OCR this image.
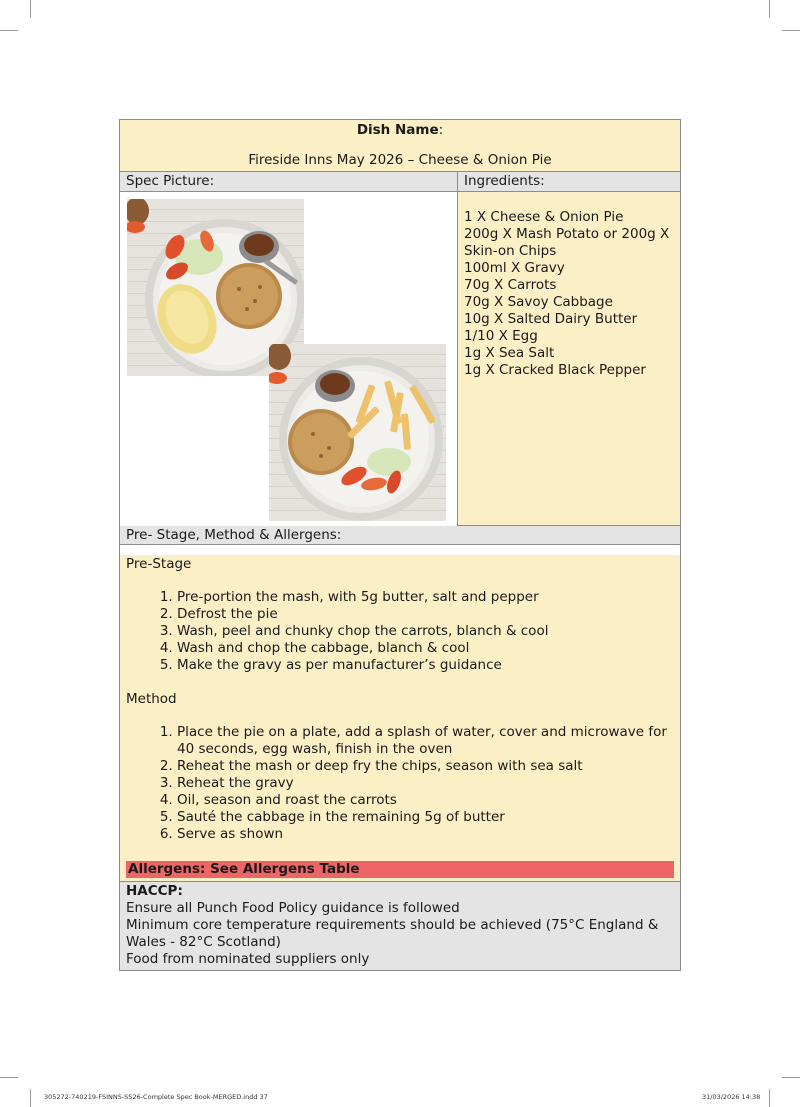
Dish Name:
Fireside Inns May 2026 – Cheese & Onion Pie
Spec Picture:	Ingredients:
1 X Cheese & Onion Pie
200g X Mash Potato or 200g X Skin-on Chips
100ml X Gravy
70g X Carrots
70g X Savoy Cabbage
10g X Salted Dairy Butter
1/10 X Egg
1g X Sea Salt
1g X Cracked Black Pepper
Pre- Stage, Method & Allergens:
Pre-Stage
1. Pre-portion the mash, with 5g butter, salt and pepper
2. Defrost the pie
3. Wash, peel and chunky chop the carrots, blanch & cool
4. Wash and chop the cabbage, blanch & cool
5. Make the gravy as per manufacturer’s guidance
Method
1. Place the pie on a plate, add a splash of water, cover and microwave for 40 seconds, egg wash, finish in the oven
2. Reheat the mash or deep fry the chips, season with sea salt
3. Reheat the gravy
4. Oil, season and roast the carrots
5. Sauté the cabbage in the remaining 5g of butter
6. Serve as shown
Allergens: See Allergens Table
HACCP:
Ensure all Punch Food Policy guidance is followed
Minimum core temperature requirements should be achieved (75°C England & Wales - 82°C Scotland)
Food from nominated suppliers only
305272-740219-FSINNS-SS26-Complete Spec Book-MERGED.indd 37	31/03/2026 14:38
